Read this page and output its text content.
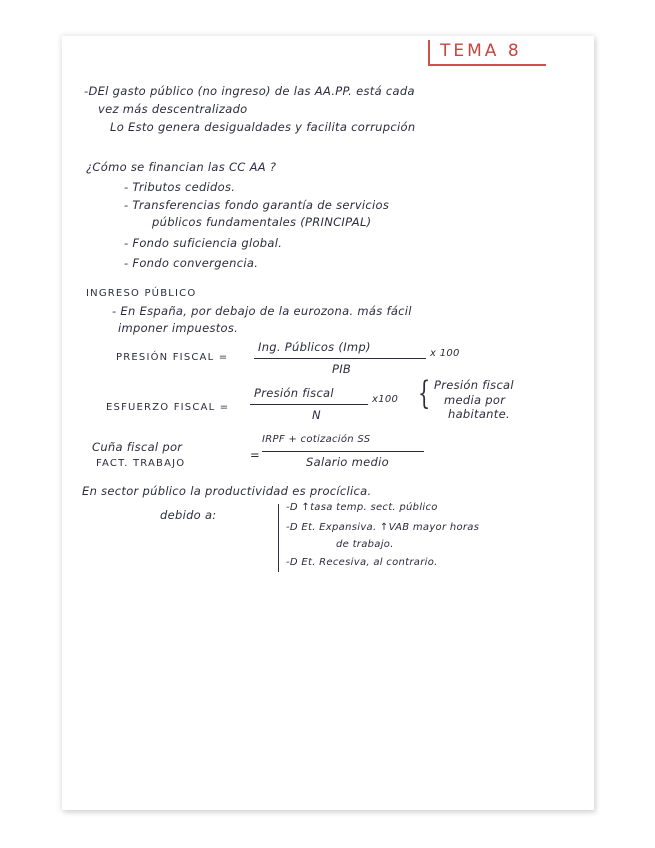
TEMA 8
-DEl gasto público (no ingreso) de las AA.PP. está cada
vez más descentralizado
Lo Esto genera desigualdades y facilita corrupción
¿Cómo se financian las CC AA ?
- Tributos cedidos.
- Transferencias fondo garantía de servicios
públicos fundamentales (PRINCIPAL)
- Fondo suficiencia global.
- Fondo convergencia.
INGRESO PÚBLICO
- En España, por debajo de la eurozona. más fácil
imponer impuestos.
PRESIÓN FISCAL =
Ing. Públicos (Imp)
PIB
x 100
ESFUERZO FISCAL =
Presión fiscal
N
x100 { Presión fiscal
media por
habitante.
Cuña fiscal por
FACT. TRABAJO
=
IRPF + cotización SS
Salario medio
En sector público la productividad es procíclica.
debido a:
-D ↑tasa temp. sect. público
-D Et. Expansiva. ↑VAB mayor horas
de trabajo.
-D Et. Recesiva, al contrario.
